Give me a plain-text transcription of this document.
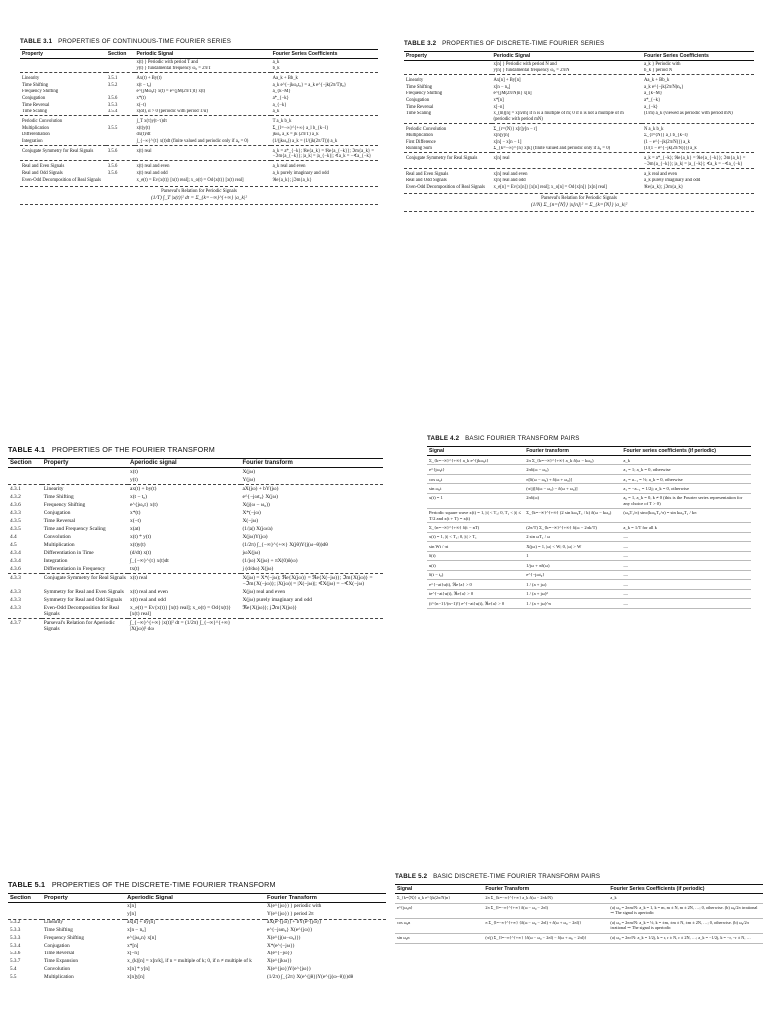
TABLE 3.1 PROPERTIES OF CONTINUOUS-TIME FOURIER SERIES
Property	Section	Periodic Signal	Fourier Series Coefficients
		x(t) } Periodic with period T and	a_k
		y(t) } fundamental frequency ω₀ = 2π/T	b_k
Linearity	3.5.1	Ax(t) + By(t)	Aa_k + Bb_k
Time Shifting	3.5.2	x(t − t₀)	a_k e^{−jkω₀t₀} = a_k e^{−jk(2π/T)t₀}
Frequency Shifting		e^{jMω₀t} x(t) = e^{jM(2π/T)t} x(t)	a_{k−M}
Conjugation	3.5.6	x*(t)	a*_{−k}
Time Reversal	3.5.3	x(−t)	a_{−k}
Time Scaling	3.5.4	x(αt), α > 0 (periodic with period T/α)	a_k
Periodic Convolution		∫_T x(τ)y(t−τ)dτ	T a_k b_k
Multiplication	3.5.5	x(t)y(t)	Σ_{l=−∞}^{+∞} a_l b_{k−l}
Differentiation		dx(t)/dt	jkω₀ a_k = jk (2π/T) a_k
Integration		∫_{−∞}^{t} x(t)dt (finite valued and periodic only if a₀ = 0)	(1/(jkω₀)) a_k = (1/(jk(2π/T))) a_k
Conjugate Symmetry for Real Signals	3.5.6	x(t) real	a_k = a*_{−k}; ℜe{a_k} = ℜe{a_{−k}}; ℑm{a_k} = −ℑm{a_{−k}}; |a_k| = |a_{−k}|; ∢a_k = −∢a_{−k}
Real and Even Signals	3.5.6	x(t) real and even	a_k real and even
Real and Odd Signals	3.5.6	x(t) real and odd	a_k purely imaginary and odd
Even-Odd Decomposition of Real Signals		x_e(t) = Ev{x(t)} [x(t) real]; x_o(t) = Od{x(t)} [x(t) real]	ℜe{a_k}; jℑm{a_k}
Parseval's Relation for Periodic Signals
(1/T) ∫_T |x(t)|² dt = Σ_{k=−∞}^{+∞} |a_k|²
TABLE 3.2 PROPERTIES OF DISCRETE-TIME FOURIER SERIES
Property	Periodic Signal	Fourier Series Coefficients
	x[n] } Periodic with period N and	a_k } Periodic with
	y[n] } fundamental frequency ω₀ = 2π/N	b_k } period N
Linearity	Ax[n] + By[n]	Aa_k + Bb_k
Time Shifting	x[n − n₀]	a_k e^{−jk(2π/N)n₀}
Frequency Shifting	e^{jM(2π/N)n} x[n]	a_{k−M}
Conjugation	x*[n]	a*_{−k}
Time Reversal	x[−n]	a_{−k}
Time Scaling	x_(m)[n] = x[n/m] if n is a multiple of m; 0 if n is not a multiple of m (periodic with period mN)	(1/m) a_k (viewed as periodic with period mN)
Periodic Convolution	Σ_{r=⟨N⟩} x[r]y[n − r]	N a_k b_k
Multiplication	x[n]y[n]	Σ_{l=⟨N⟩} a_l b_{k−l}
First Difference	x[n] − x[n − 1]	(1 − e^{−jk(2π/N)}) a_k
Running Sum	Σ_{k=−∞}^{n} x[k] (finite valued and periodic only if a₀ = 0)	(1/(1 − e^{−jk(2π/N)})) a_k
Conjugate Symmetry for Real Signals	x[n] real	a_k = a*_{−k}; ℜe{a_k} = ℜe{a_{−k}}; ℑm{a_k} = −ℑm{a_{−k}}; |a_k| = |a_{−k}|; ∢a_k = −∢a_{−k}
Real and Even Signals	x[n] real and even	a_k real and even
Real and Odd Signals	x[n] real and odd	a_k purely imaginary and odd
Even-Odd Decomposition of Real Signals	x_e[n] = Ev{x[n]} [x[n] real]; x_o[n] = Od{x[n]} [x[n] real]	ℜe{a_k}; jℑm{a_k}
Parseval's Relation for Periodic Signals
(1/N) Σ_{n=⟨N⟩} |x[n]|² = Σ_{k=⟨N⟩} |a_k|²
TABLE 4.1 PROPERTIES OF THE FOURIER TRANSFORM
Section	Property	Aperiodic signal	Fourier transform
		x(t)	X(jω)
		y(t)	Y(jω)
4.3.1	Linearity	ax(t) + by(t)	aX(jω) + bY(jω)
4.3.2	Time Shifting	x(t − t₀)	e^{−jωt₀} X(jω)
4.3.6	Frequency Shifting	e^{jω₀t} x(t)	X(j(ω − ω₀))
4.3.3	Conjugation	x*(t)	X*(−jω)
4.3.5	Time Reversal	x(−t)	X(−jω)
4.3.5	Time and Frequency Scaling	x(at)	(1/|a|) X(jω/a)
4.4	Convolution	x(t) * y(t)	X(jω)Y(jω)
4.5	Multiplication	x(t)y(t)	(1/2π) ∫_{−∞}^{+∞} X(jθ)Y(j(ω−θ))dθ
4.3.4	Differentiation in Time	(d/dt) x(t)	jωX(jω)
4.3.4	Integration	∫_{−∞}^{t} x(t)dt	(1/jω) X(jω) + πX(0)δ(ω)
4.3.6	Differentiation in Frequency	tx(t)	j (d/dω) X(jω)
4.3.3	Conjugate Symmetry for Real Signals	x(t) real	X(jω) = X*(−jω); ℜe{X(jω)} = ℜe{X(−jω)}; ℑm{X(jω)} = −ℑm{X(−jω)}; |X(jω)| = |X(−jω)|; ∢X(jω) = −∢X(−jω)
4.3.3	Symmetry for Real and Even Signals	x(t) real and even	X(jω) real and even
4.3.3	Symmetry for Real and Odd Signals	x(t) real and odd	X(jω) purely imaginary and odd
4.3.3	Even-Odd Decomposition for Real Signals	x_e(t) = Ev{x(t)} [x(t) real]; x_o(t) = Od{x(t)} [x(t) real]	ℜe{X(jω)}; jℑm{X(jω)}
4.3.7	Parseval's Relation for Aperiodic Signals	∫_{−∞}^{+∞} |x(t)|² dt = (1/2π) ∫_{−∞}^{+∞} |X(jω)|² dω	
TABLE 4.2 BASIC FOURIER TRANSFORM PAIRS
Signal	Fourier transform	Fourier series coefficients (if periodic)
Σ_{k=−∞}^{+∞} a_k e^{jkω₀t}	2π Σ_{k=−∞}^{+∞} a_k δ(ω − kω₀)	a_k
e^{jω₀t}	2πδ(ω − ω₀)	a₁ = 1; a_k = 0, otherwise
cos ω₀t	π[δ(ω − ω₀) + δ(ω + ω₀)]	a₁ = a₋₁ = ½; a_k = 0, otherwise
sin ω₀t	(π/j)[δ(ω − ω₀) − δ(ω + ω₀)]	a₁ = −a₋₁ = 1/2j; a_k = 0, otherwise
x(t) = 1	2πδ(ω)	a₀ = 1, a_k = 0, k ≠ 0 (this is the Fourier series representation for any choice of T > 0)
Periodic square wave x(t) = 1, |t| < T₁; 0, T₁ < |t| ≤ T/2 and x(t + T) = x(t)	Σ_{k=−∞}^{+∞} (2 sin kω₀T₁ / k) δ(ω − kω₀)	(ω₀T₁/π) sinc(kω₀T₁/π) = sin kω₀T₁ / kπ
Σ_{n=−∞}^{+∞} δ(t − nT)	(2π/T) Σ_{k=−∞}^{+∞} δ(ω − 2πk/T)	a_k = 1/T for all k
x(t) = 1, |t| < T₁; 0, |t| > T₁	2 sin ωT₁ / ω	—
sin Wt / πt	X(jω) = 1, |ω| < W; 0, |ω| > W	—
δ(t)	1	—
u(t)	1/jω + πδ(ω)	—
δ(t − t₀)	e^{−jωt₀}	—
e^{−at}u(t), ℜe{a} > 0	1 / (a + jω)	—
te^{−at}u(t), ℜe{a} > 0	1 / (a + jω)²	—
(t^{n−1}/(n−1)!) e^{−at}u(t), ℜe{a} > 0	1 / (a + jω)^n	—
TABLE 5.1 PROPERTIES OF THE DISCRETE-TIME FOURIER TRANSFORM
Section	Property	Aperiodic Signal	Fourier Transform
		x[n]	X(e^{jω}) } periodic with
		y[n]	Y(e^{jω}) } period 2π
5.3.2	Linearity	ax[n] + by[n]	aX(e^{jω}) + bY(e^{jω})
5.3.3	Time Shifting	x[n − n₀]	e^{−jωn₀} X(e^{jω})
5.3.3	Frequency Shifting	e^{jω₀n} x[n]	X(e^{j(ω−ω₀)})
5.3.4	Conjugation	x*[n]	X*(e^{−jω})
5.3.6	Time Reversal	x[−n]	X(e^{−jω})
5.3.7	Time Expansion	x_(k)[n] = x[n/k], if n = multiple of k; 0, if n ≠ multiple of k	X(e^{jkω})
5.4	Convolution	x[n] * y[n]	X(e^{jω})Y(e^{jω})
5.5	Multiplication	x[n]y[n]	(1/2π) ∫_{2π} X(e^{jθ})Y(e^{j(ω−θ)})dθ
TABLE 5.2 BASIC DISCRETE-TIME FOURIER TRANSFORM PAIRS
Signal	Fourier Transform	Fourier Series Coefficients (if periodic)
Σ_{k=⟨N⟩} a_k e^{jk(2π/N)n}	2π Σ_{k=−∞}^{+∞} a_k δ(ω − 2πk/N)	a_k
e^{jω₀n}	2π Σ_{l=−∞}^{+∞} δ(ω − ω₀ − 2πl)	(a) ω₀ = 2πm/N: a_k = 1, k = m, m ± N, m ± 2N, …; 0, otherwise. (b) ω₀/2π irrational ⇒ The signal is aperiodic
cos ω₀n	π Σ_{l=−∞}^{+∞} {δ(ω − ω₀ − 2πl) + δ(ω + ω₀ − 2πl)}	(a) ω₀ = 2πm/N: a_k = ½, k = ±m, ±m ± N, ±m ± 2N, …; 0, otherwise. (b) ω₀/2π irrational ⇒ The signal is aperiodic
sin ω₀n	(π/j) Σ_{l=−∞}^{+∞} {δ(ω − ω₀ − 2πl) − δ(ω + ω₀ − 2πl)}	(a) ω₀ = 2πr/N: a_k = 1/2j, k = r, r ± N, r ± 2N, …; a_k = −1/2j, k = −r, −r ± N, …
